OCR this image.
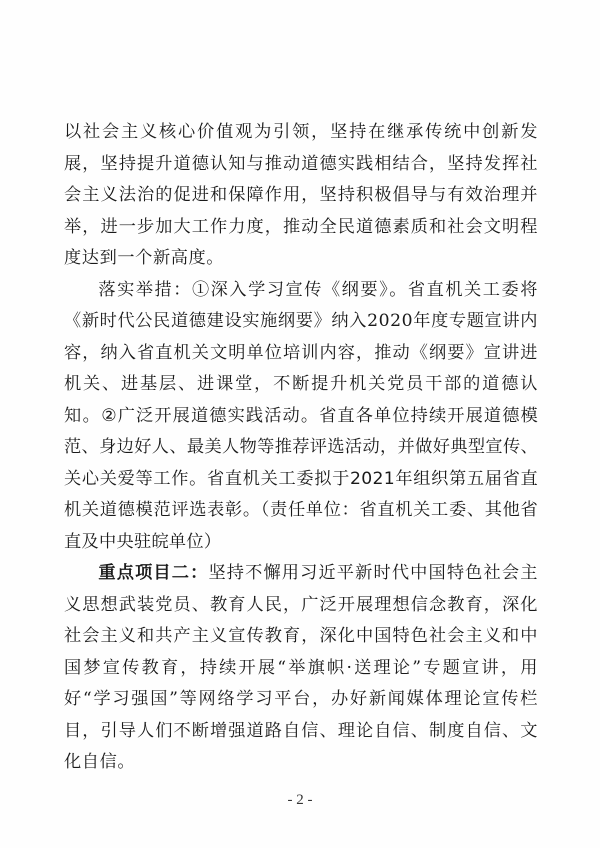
以社会主义核心价值观为引领，坚持在继承传统中创新发展，坚持提升道德认知与推动道德实践相结合，坚持发挥社会主义法治的促进和保障作用，坚持积极倡导与有效治理并举，进一步加大工作力度，推动全民道德素质和社会文明程度达到一个新高度。

落实举措：①深入学习宣传《纲要》。省直机关工委将《新时代公民道德建设实施纲要》纳入2020年度专题宣讲内容，纳入省直机关文明单位培训内容，推动《纲要》宣讲进机关、进基层、进课堂，不断提升机关党员干部的道德认知。②广泛开展道德实践活动。省直各单位持续开展道德模范、身边好人、最美人物等推荐评选活动，并做好典型宣传、关心关爱等工作。省直机关工委拟于2021年组织第五届省直机关道德模范评选表彰。（责任单位：省直机关工委、其他省直及中央驻皖单位）

重点项目二：坚持不懈用习近平新时代中国特色社会主义思想武装党员、教育人民，广泛开展理想信念教育，深化社会主义和共产主义宣传教育，深化中国特色社会主义和中国梦宣传教育，持续开展“举旗帜·送理论”专题宣讲，用好“学习强国”等网络学习平台，办好新闻媒体理论宣传栏目，引导人们不断增强道路自信、理论自信、制度自信、文化自信。

- 2 -
